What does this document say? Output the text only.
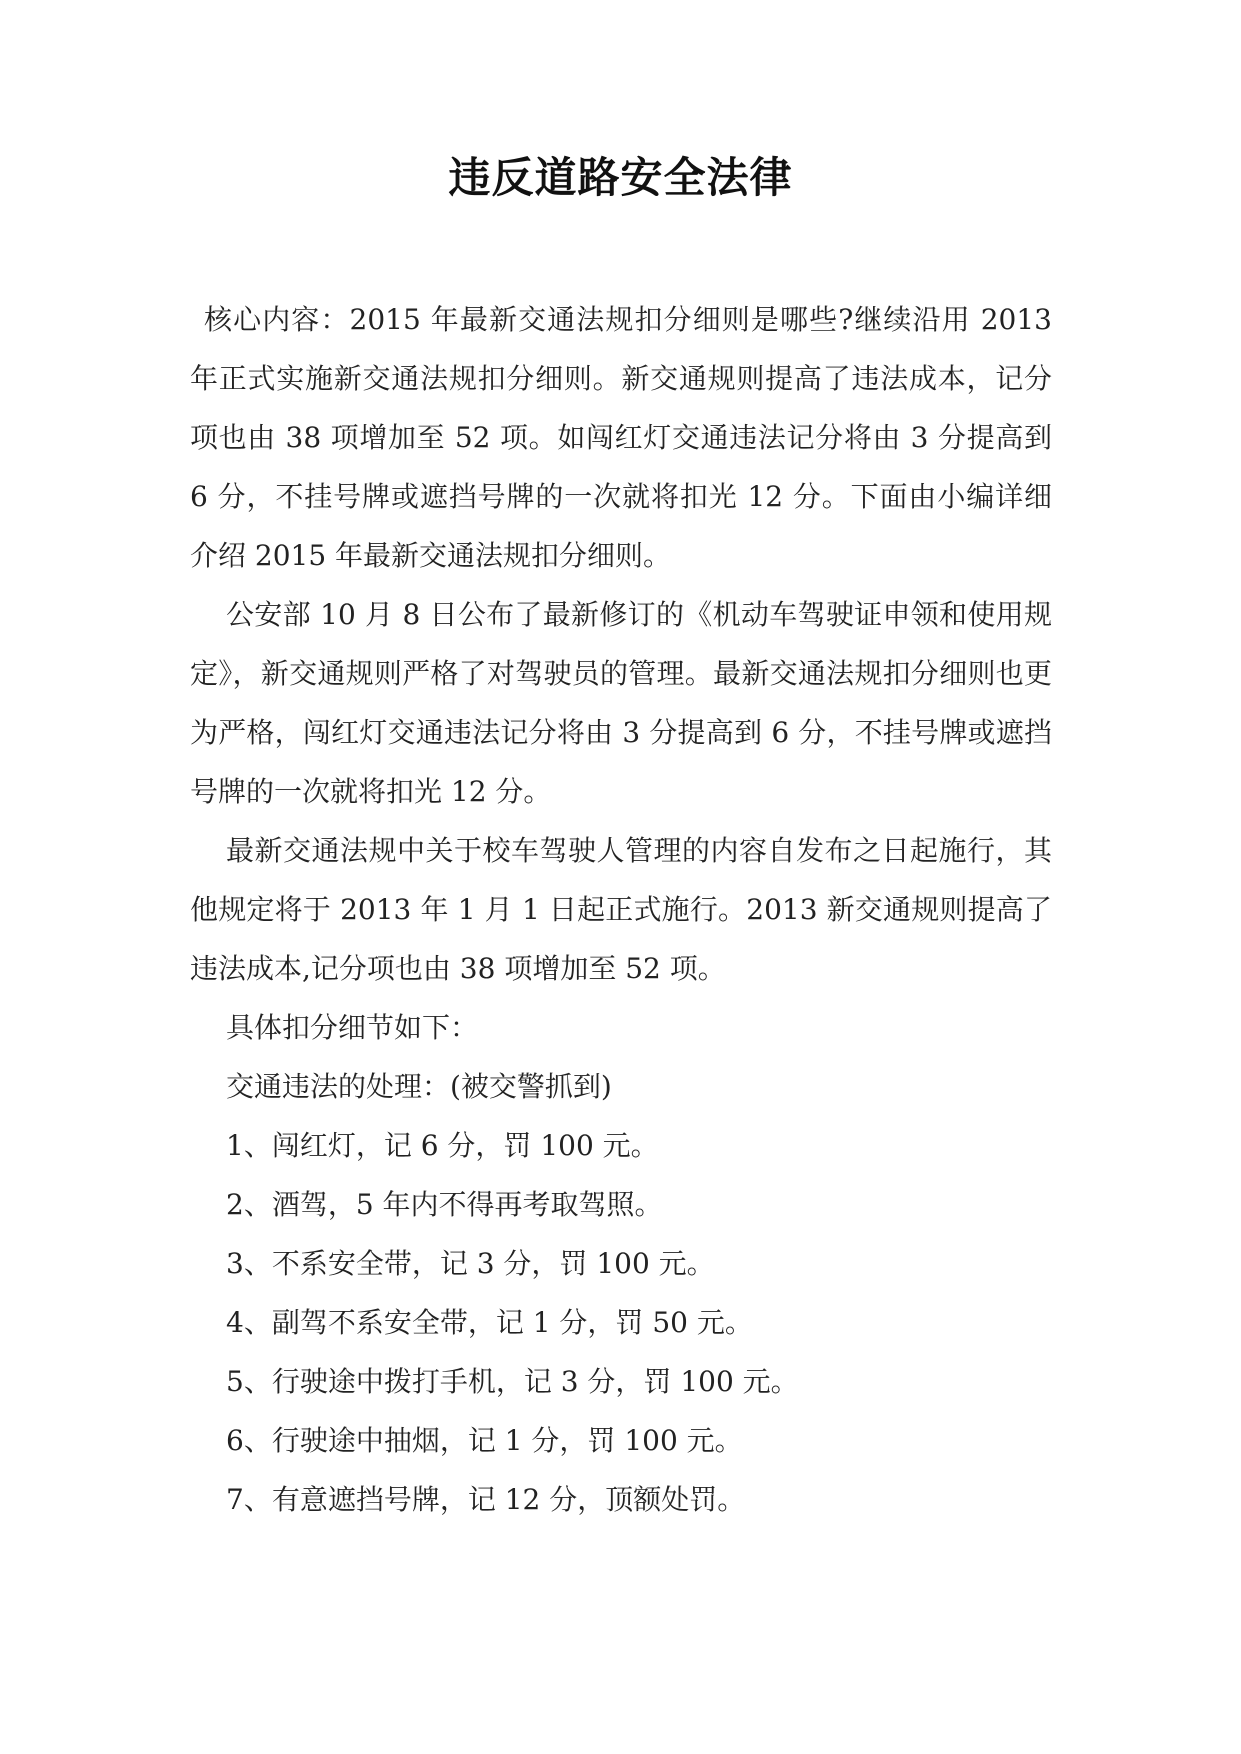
违反道路安全法律

核心内容：2015 年最新交通法规扣分细则是哪些?继续沿用 2013 年正式实施新交通法规扣分细则。新交通规则提高了违法成本，记分项也由 38 项增加至 52 项。如闯红灯交通违法记分将由 3 分提高到 6 分，不挂号牌或遮挡号牌的一次就将扣光 12 分。下面由小编详细介绍 2015 年最新交通法规扣分细则。

公安部 10 月 8 日公布了最新修订的《机动车驾驶证申领和使用规定》，新交通规则严格了对驾驶员的管理。最新交通法规扣分细则也更为严格，闯红灯交通违法记分将由 3 分提高到 6 分，不挂号牌或遮挡号牌的一次就将扣光 12 分。

最新交通法规中关于校车驾驶人管理的内容自发布之日起施行，其他规定将于 2013 年 1 月 1 日起正式施行。2013 新交通规则提高了违法成本,记分项也由 38 项增加至 52 项。

具体扣分细节如下：

交通违法的处理：(被交警抓到)

1、闯红灯，记 6 分，罚 100 元。

2、酒驾，5 年内不得再考取驾照。

3、不系安全带，记 3 分，罚 100 元。

4、副驾不系安全带，记 1 分，罚 50 元。

5、行驶途中拨打手机，记 3 分，罚 100 元。

6、行驶途中抽烟，记 1 分，罚 100 元。

7、有意遮挡号牌，记 12 分，顶额处罚。
